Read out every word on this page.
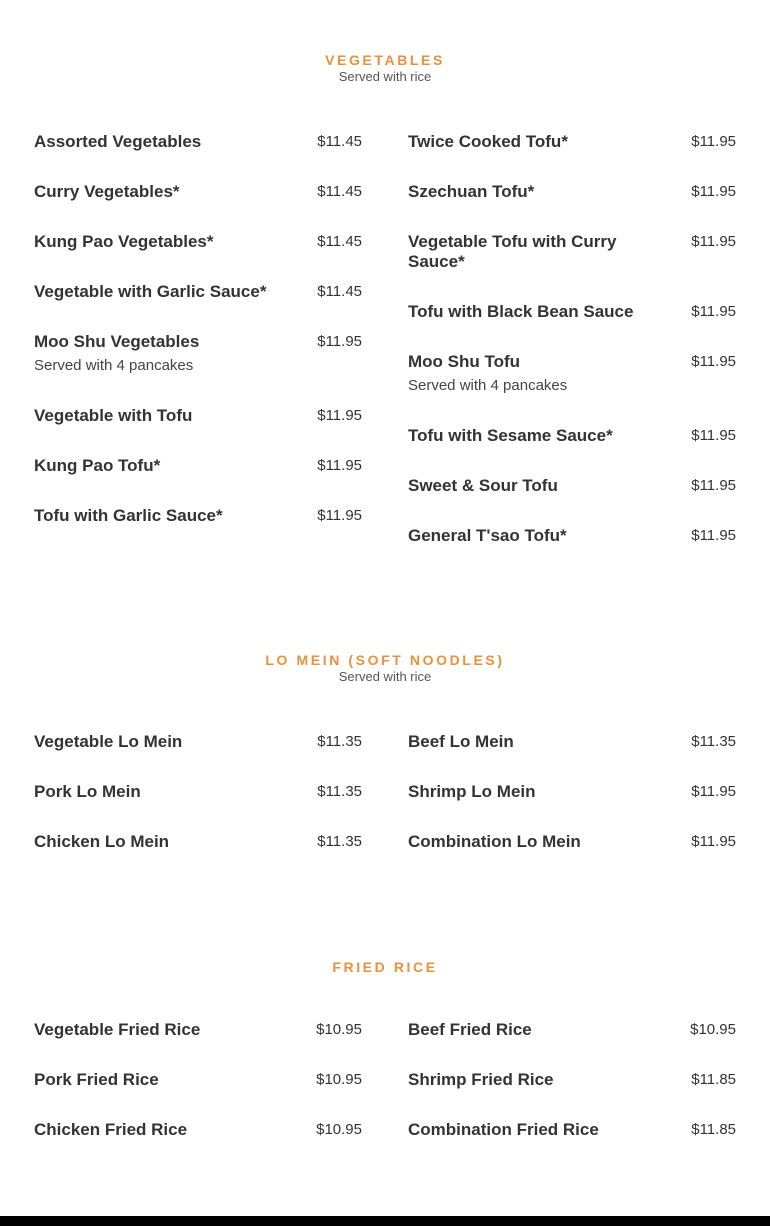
VEGETABLES
Served with rice
Assorted Vegetables	$11.45
Curry Vegetables*	$11.45
Kung Pao Vegetables*	$11.45
Vegetable with Garlic Sauce*	$11.45
Moo Shu Vegetables	$11.95
Served with 4 pancakes
Vegetable with Tofu	$11.95
Kung Pao Tofu*	$11.95
Tofu with Garlic Sauce*	$11.95
Twice Cooked Tofu*	$11.95
Szechuan Tofu*	$11.95
Vegetable Tofu with Curry Sauce*
$11.95
Tofu with Black Bean Sauce	$11.95
Moo Shu Tofu	$11.95
Served with 4 pancakes
Tofu with Sesame Sauce*	$11.95
Sweet & Sour Tofu	$11.95
General T'sao Tofu*	$11.95
LO MEIN (SOFT NOODLES)
Served with rice
Vegetable Lo Mein	$11.35
Pork Lo Mein	$11.35
Chicken Lo Mein	$11.35
Beef Lo Mein	$11.35
Shrimp Lo Mein	$11.95
Combination Lo Mein	$11.95
FRIED RICE
Vegetable Fried Rice	$10.95
Pork Fried Rice	$10.95
Chicken Fried Rice	$10.95
Beef Fried Rice	$10.95
Shrimp Fried Rice	$11.85
Combination Fried Rice	$11.85
